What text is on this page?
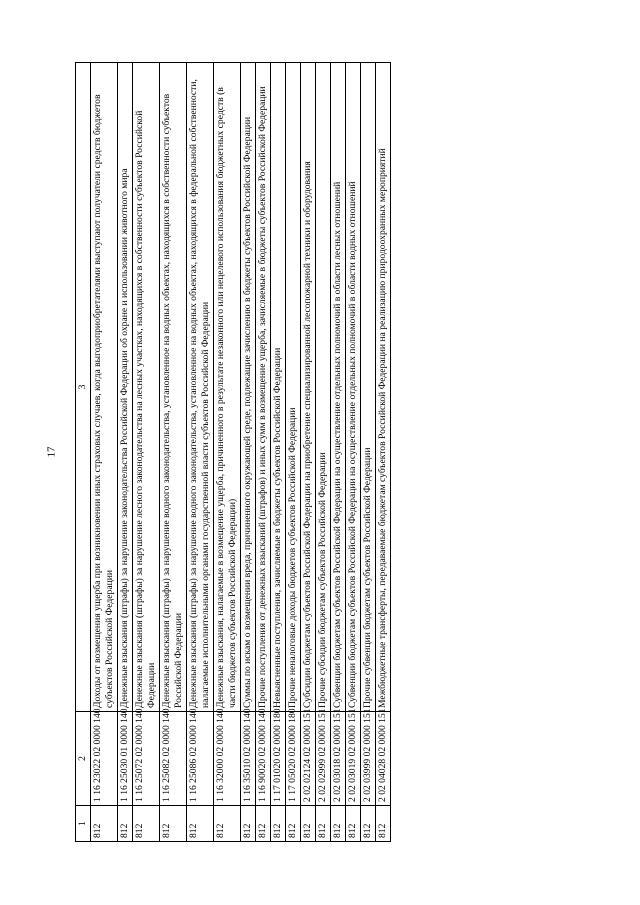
17
1	2	3
812	1 16 23022 02 0000 140	Доходы от возмещения ущерба при возникновении иных страховых случаев, когда выгодоприобретателями выступают получатели средств бюджетов субъектов Российской Федерации
812	1 16 25030 01 0000 140	Денежные взыскания (штрафы) за нарушение законодательства Российской Федерации об охране и использовании животного мира
812	1 16 25072 02 0000 140	Денежные взыскания (штрафы) за нарушение лесного законодательства на лесных участках, находящихся в собственности субъектов Российской Федерации
812	1 16 25082 02 0000 140	Денежные взыскания (штрафы) за нарушение водного законодательства, установленное на водных объектах, находящихся в собственности субъектов Российской Федерации
812	1 16 25086 02 0000 140	Денежные взыскания (штрафы) за нарушение водного законодательства, установленное на водных объектах, находящихся в федеральной собственности, налагаемые исполнительными органами государственной власти субъектов Российской Федерации
812	1 16 32000 02 0000 140	Денежные взыскания, налагаемые в возмещение ущерба, причиненного в результате незаконного или нецелевого использования бюджетных средств (в части бюджетов субъектов Российской Федерации)
812	1 16 35010 02 0000 140	Суммы по искам о возмещении вреда, причиненного окружающей среде, подлежащие зачислению в бюджеты субъектов Российской Федерации
812	1 16 90020 02 0000 140	Прочие поступления от денежных взысканий (штрафов) и иных сумм в возмещение ущерба, зачисляемые в бюджеты субъектов Российской Федерации
812	1 17 01020 02 0000 180	Невыясненные поступления, зачисляемые в бюджеты субъектов Российской Федерации
812	1 17 05020 02 0000 180	Прочие неналоговые доходы бюджетов субъектов Российской Федерации
812	2 02 02124 02 0000 151	Субсидии бюджетам субъектов Российской Федерации на приобретение специализированной лесопожарной техники и оборудования
812	2 02 02999 02 0000 151	Прочие субсидии бюджетам субъектов Российской Федерации
812	2 02 03018 02 0000 151	Субвенции бюджетам субъектов Российской Федерации на осуществление отдельных полномочий в области лесных отношений
812	2 02 03019 02 0000 151	Субвенции бюджетам субъектов Российской Федерации на осуществление отдельных полномочий в области водных отношений
812	2 02 03999 02 0000 151	Прочие субвенции бюджетам субъектов Российской Федерации
812	2 02 04028 02 0000 151	Межбюджетные трансферты, передаваемые бюджетам субъектов Российской Федерации на реализацию природоохранных мероприятий
